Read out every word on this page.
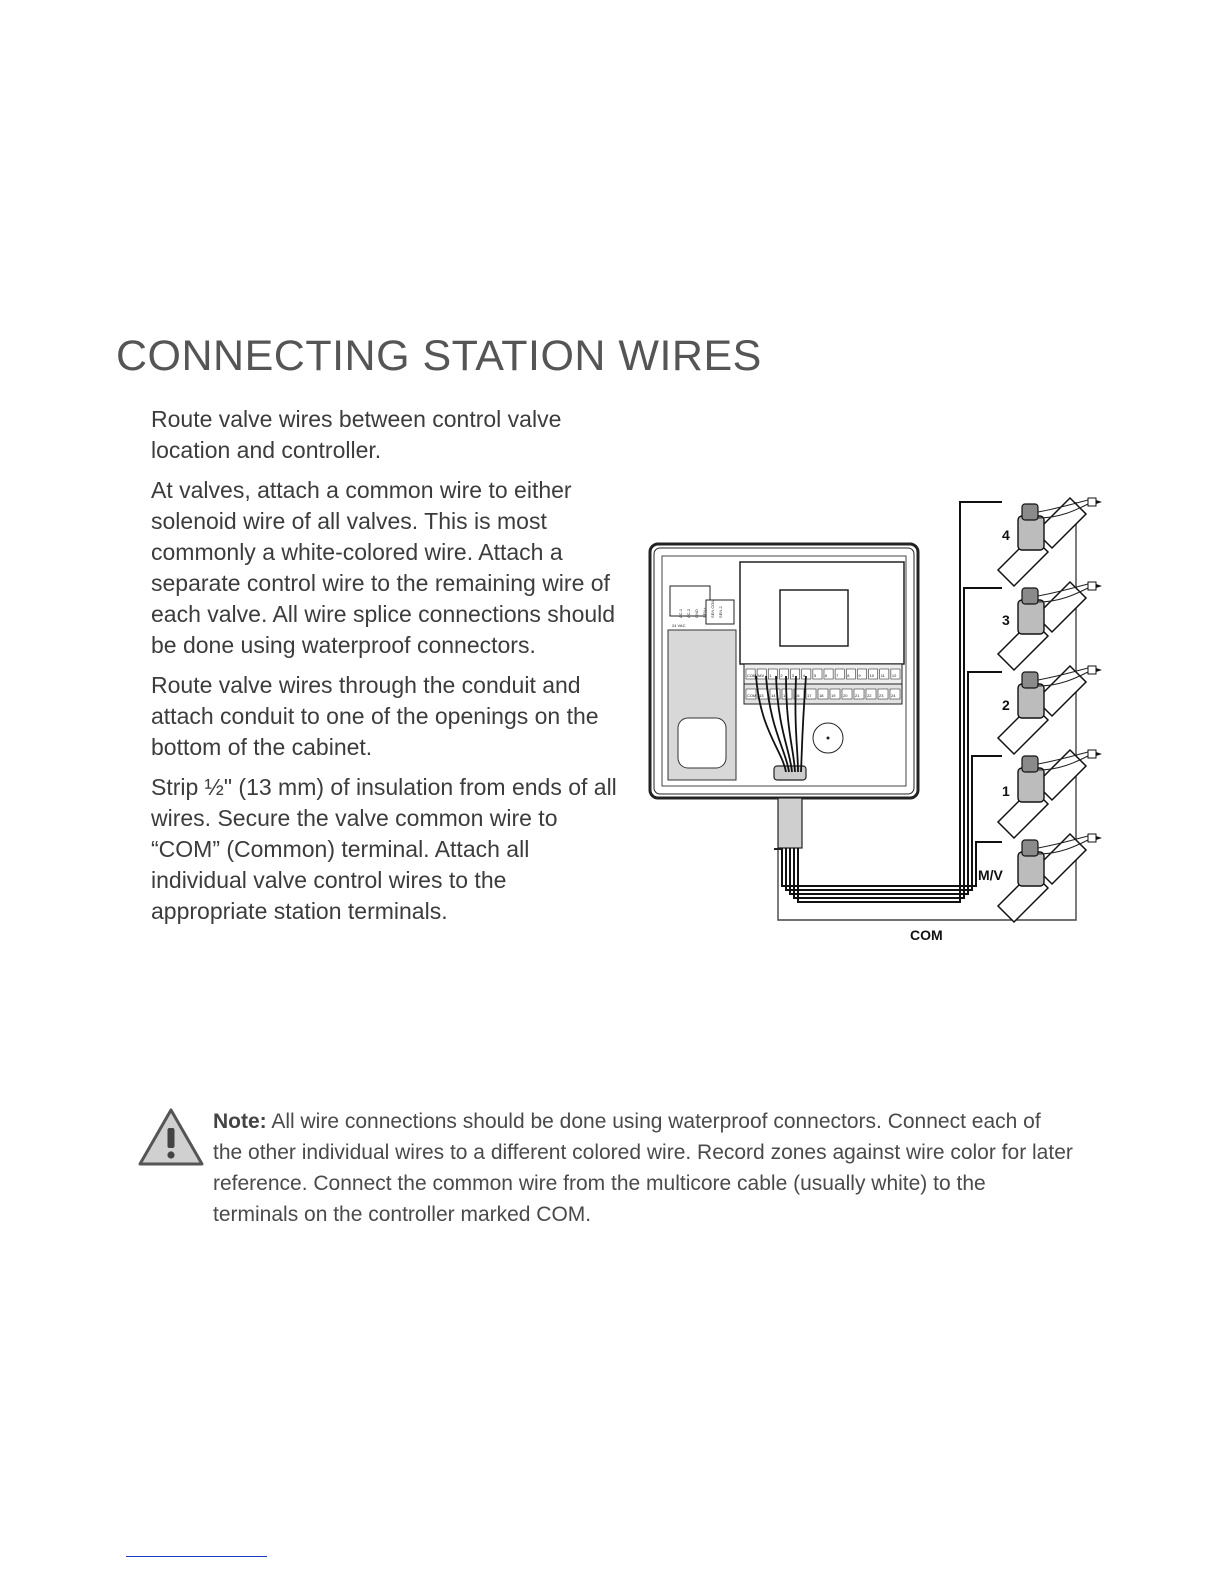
CONNECTING STATION WIRES

Route valve wires between control valve location and controller.

At valves, attach a common wire to either solenoid wire of all valves. This is most commonly a white-colored wire. Attach a separate control wire to the remaining wire of each valve. All wire splice connections should be done using waterproof connectors.

Route valve wires through the conduit and attach conduit to one of the openings on the bottom of the cabinet.

Strip ½" (13 mm) of insulation from ends of all wires. Secure the valve common wire to “COM” (Common) terminal. Attach all individual valve control wires to the appropriate station terminals.

AC-1 AC-2 GND SEN+ SEN COM SEN-2
24 VAC
COM MV 1 2 3 4 5 6 7 8 9 10 11 12
COM 13 14 15 16 17 18 19 20 21 22 23 24
4
3
2
1
M/V
COM

Note: All wire connections should be done using waterproof connectors. Connect each of the other individual wires to a different colored wire. Record zones against wire color for later reference. Connect the common wire from the multicore cable (usually white) to the terminals on the controller marked COM.
